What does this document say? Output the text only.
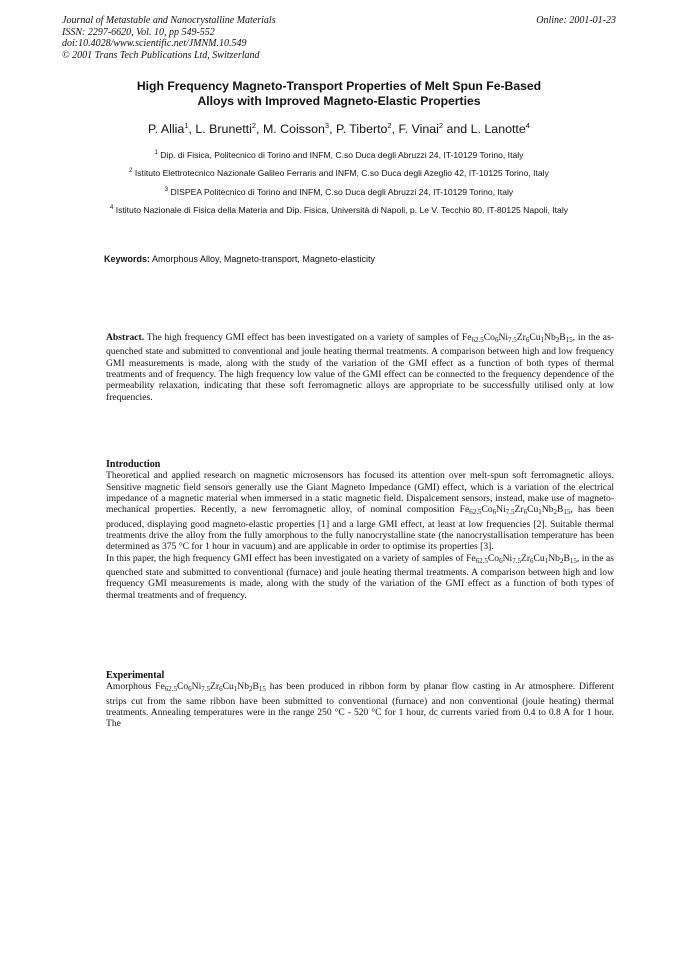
Journal of Metastable and Nanocrystalline Materials
ISSN: 2297-6620, Vol. 10, pp 549-552
doi:10.4028/www.scientific.net/JMNM.10.549
© 2001 Trans Tech Publications Ltd, Switzerland
Online: 2001-01-23
High Frequency Magneto-Transport Properties of Melt Spun Fe-Based
Alloys with Improved Magneto-Elastic Properties
P. Allia$^1$, L. Brunetti$^2$, M. Coisson$^3$, P. Tiberto$^2$, F. Vinai$^2$ and L. Lanotte$^4$
$^1$ Dip. di Fisica, Politecnico di Torino and INFM, C.so Duca degli Abruzzi 24, IT-10129 Torino, Italy
$^2$ Istituto Elettrotecnico Nazionale Galileo Ferraris and INFM, C.so Duca degli Azeglio 42, IT-10125 Torino, Italy
$^3$ DISPEA Politecnico di Torino and INFM, C.so Duca degli Abruzzi 24, IT-10129 Torino, Italy
$^4$ Istituto Nazionale di Fisica della Materia and Dip. Fisica, Università di Napoli, p. Le V. Tecchio 80, IT-80125 Napoli, Italy
Keywords: Amorphous Alloy, Magneto-transport, Magneto-elasticity
Abstract. The high frequency GMI effect has been investigated on a variety of samples of $Fe_{62.5}Co_6Ni_{7.5}Zr_6Cu_1Nb_2B_{15}$, in the as-quenched state and submitted to conventional and joule heating thermal treatments. A comparison between high and low frequency GMI measurements is made, along with the study of the variation of the GMI effect as a function of both types of thermal treatments and of frequency. The high frequency low value of the GMI effect can be connected to the frequency dependence of the permeability relaxation, indicating that these soft ferromagnetic alloys are appropriate to be successfully utilised only at low frequencies.
Introduction

Theoretical and applied research on magnetic microsensors has focused its attention over melt-spun soft ferromagnetic alloys. Sensitive magnetic field sensors generally use the Giant Magneto Impedance (GMI) effect, which is a variation of the electrical impedance of a magnetic material when immersed in a static magnetic field. Dispalcement sensors, instead, make use of magneto-mechanical properties. Recently, a new ferromagnetic alloy, of nominal composition $Fe_{62.5}Co_6Ni_{7.5}Zr_6Cu_1Nb_2B_{15}$, has been produced, displaying good magneto-elastic properties [1] and a large GMI effect, at least at low frequencies [2]. Suitable thermal treatments drive the alloy from the fully amorphous to the fully nanocrystalline state (the nanocrystallisation temperature has been determined as 375 °C for 1 hour in vacuum) and are applicable in order to optimise its properties [3].

In this paper, the high frequency GMI effect has been investigated on a variety of samples of $Fe_{62.5}Co_6Ni_{7.5}Zr_6Cu_1Nb_2B_{15}$, in the as quenched state and submitted to conventional (furnace) and joule heating thermal treatments. A comparison between high and low frequency GMI measurements is made, along with the study of the variation of the GMI effect as a function of both types of thermal treatments and of frequency.

Experimental

Amorphous $Fe_{62.5}Co_6Ni_{7.5}Zr_6Cu_1Nb_2B_{15}$ has been produced in ribbon form by planar flow casting in Ar atmosphere. Different strips cut from the same ribbon have been submitted to conventional (furnace) and non conventional (joule heating) thermal treatments. Annealing temperatures were in the range 250 °C - 520 °C for 1 hour, dc currents varied from 0.4 to 0.8 A for 1 hour. The
